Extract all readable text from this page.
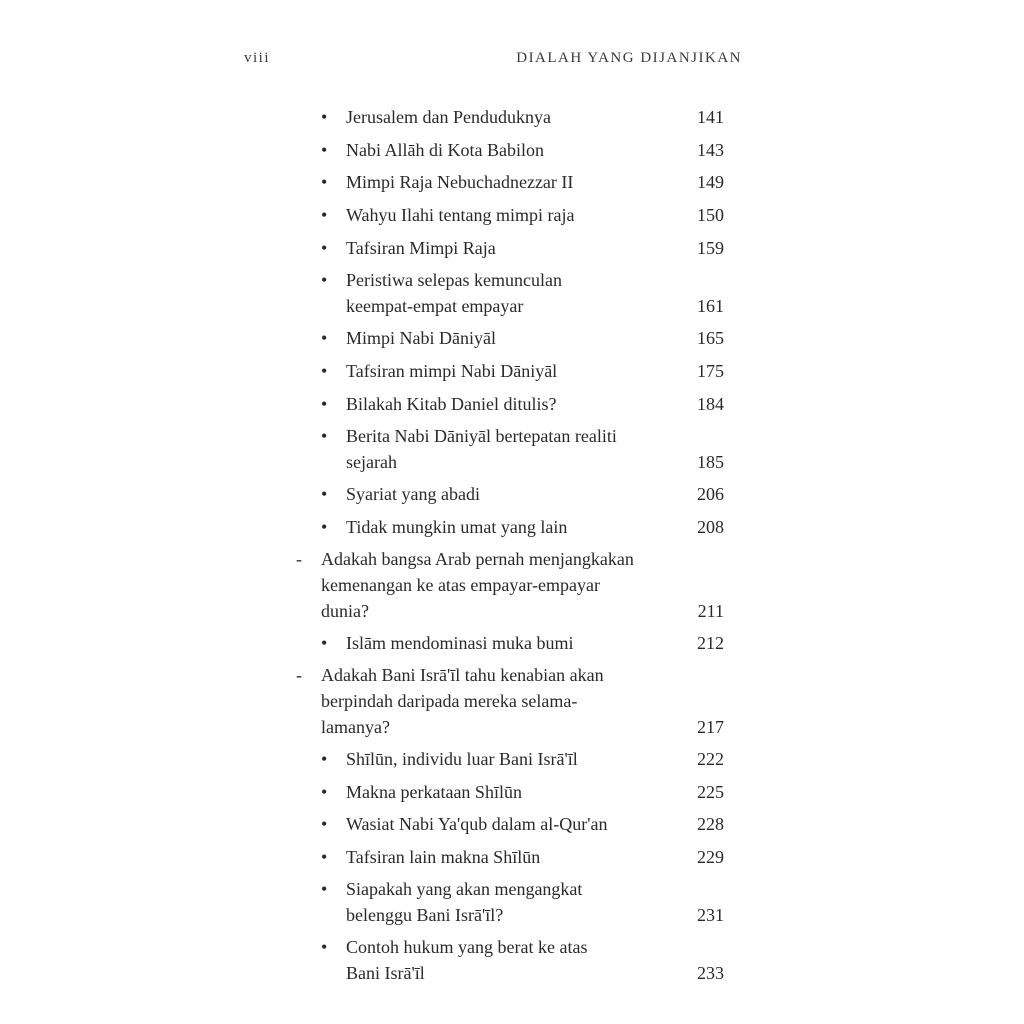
viii	DIALAH YANG DIJANJIKAN
•	Jerusalem dan Penduduknya	141
•	Nabi Allāh di Kota Babilon	143
•	Mimpi Raja Nebuchadnezzar II	149
•	Wahyu Ilahi tentang mimpi raja	150
•	Tafsiran Mimpi Raja	159
•	Peristiwa selepas kemunculan
keempat-empat empayar	161
•	Mimpi Nabi Dāniyāl	165
•	Tafsiran mimpi Nabi Dāniyāl	175
•	Bilakah Kitab Daniel ditulis?	184
•	Berita Nabi Dāniyāl bertepatan realiti
sejarah	185
•	Syariat yang abadi	206
•	Tidak mungkin umat yang lain	208
-	Adakah bangsa Arab pernah menjangkakan
kemenangan ke atas empayar-empayar
dunia?	211
•	Islām mendominasi muka bumi	212
-	Adakah Bani Isrā'īl tahu kenabian akan
berpindah daripada mereka selama-
lamanya?	217
•	Shīlūn, individu luar Bani Isrā'īl	222
•	Makna perkataan Shīlūn	225
•	Wasiat Nabi Ya'qub dalam al-Qur'an	228
•	Tafsiran lain makna Shīlūn	229
•	Siapakah yang akan mengangkat
belenggu Bani Isrā'īl?	231
•	Contoh hukum yang berat ke atas
Bani Isrā'īl	233
